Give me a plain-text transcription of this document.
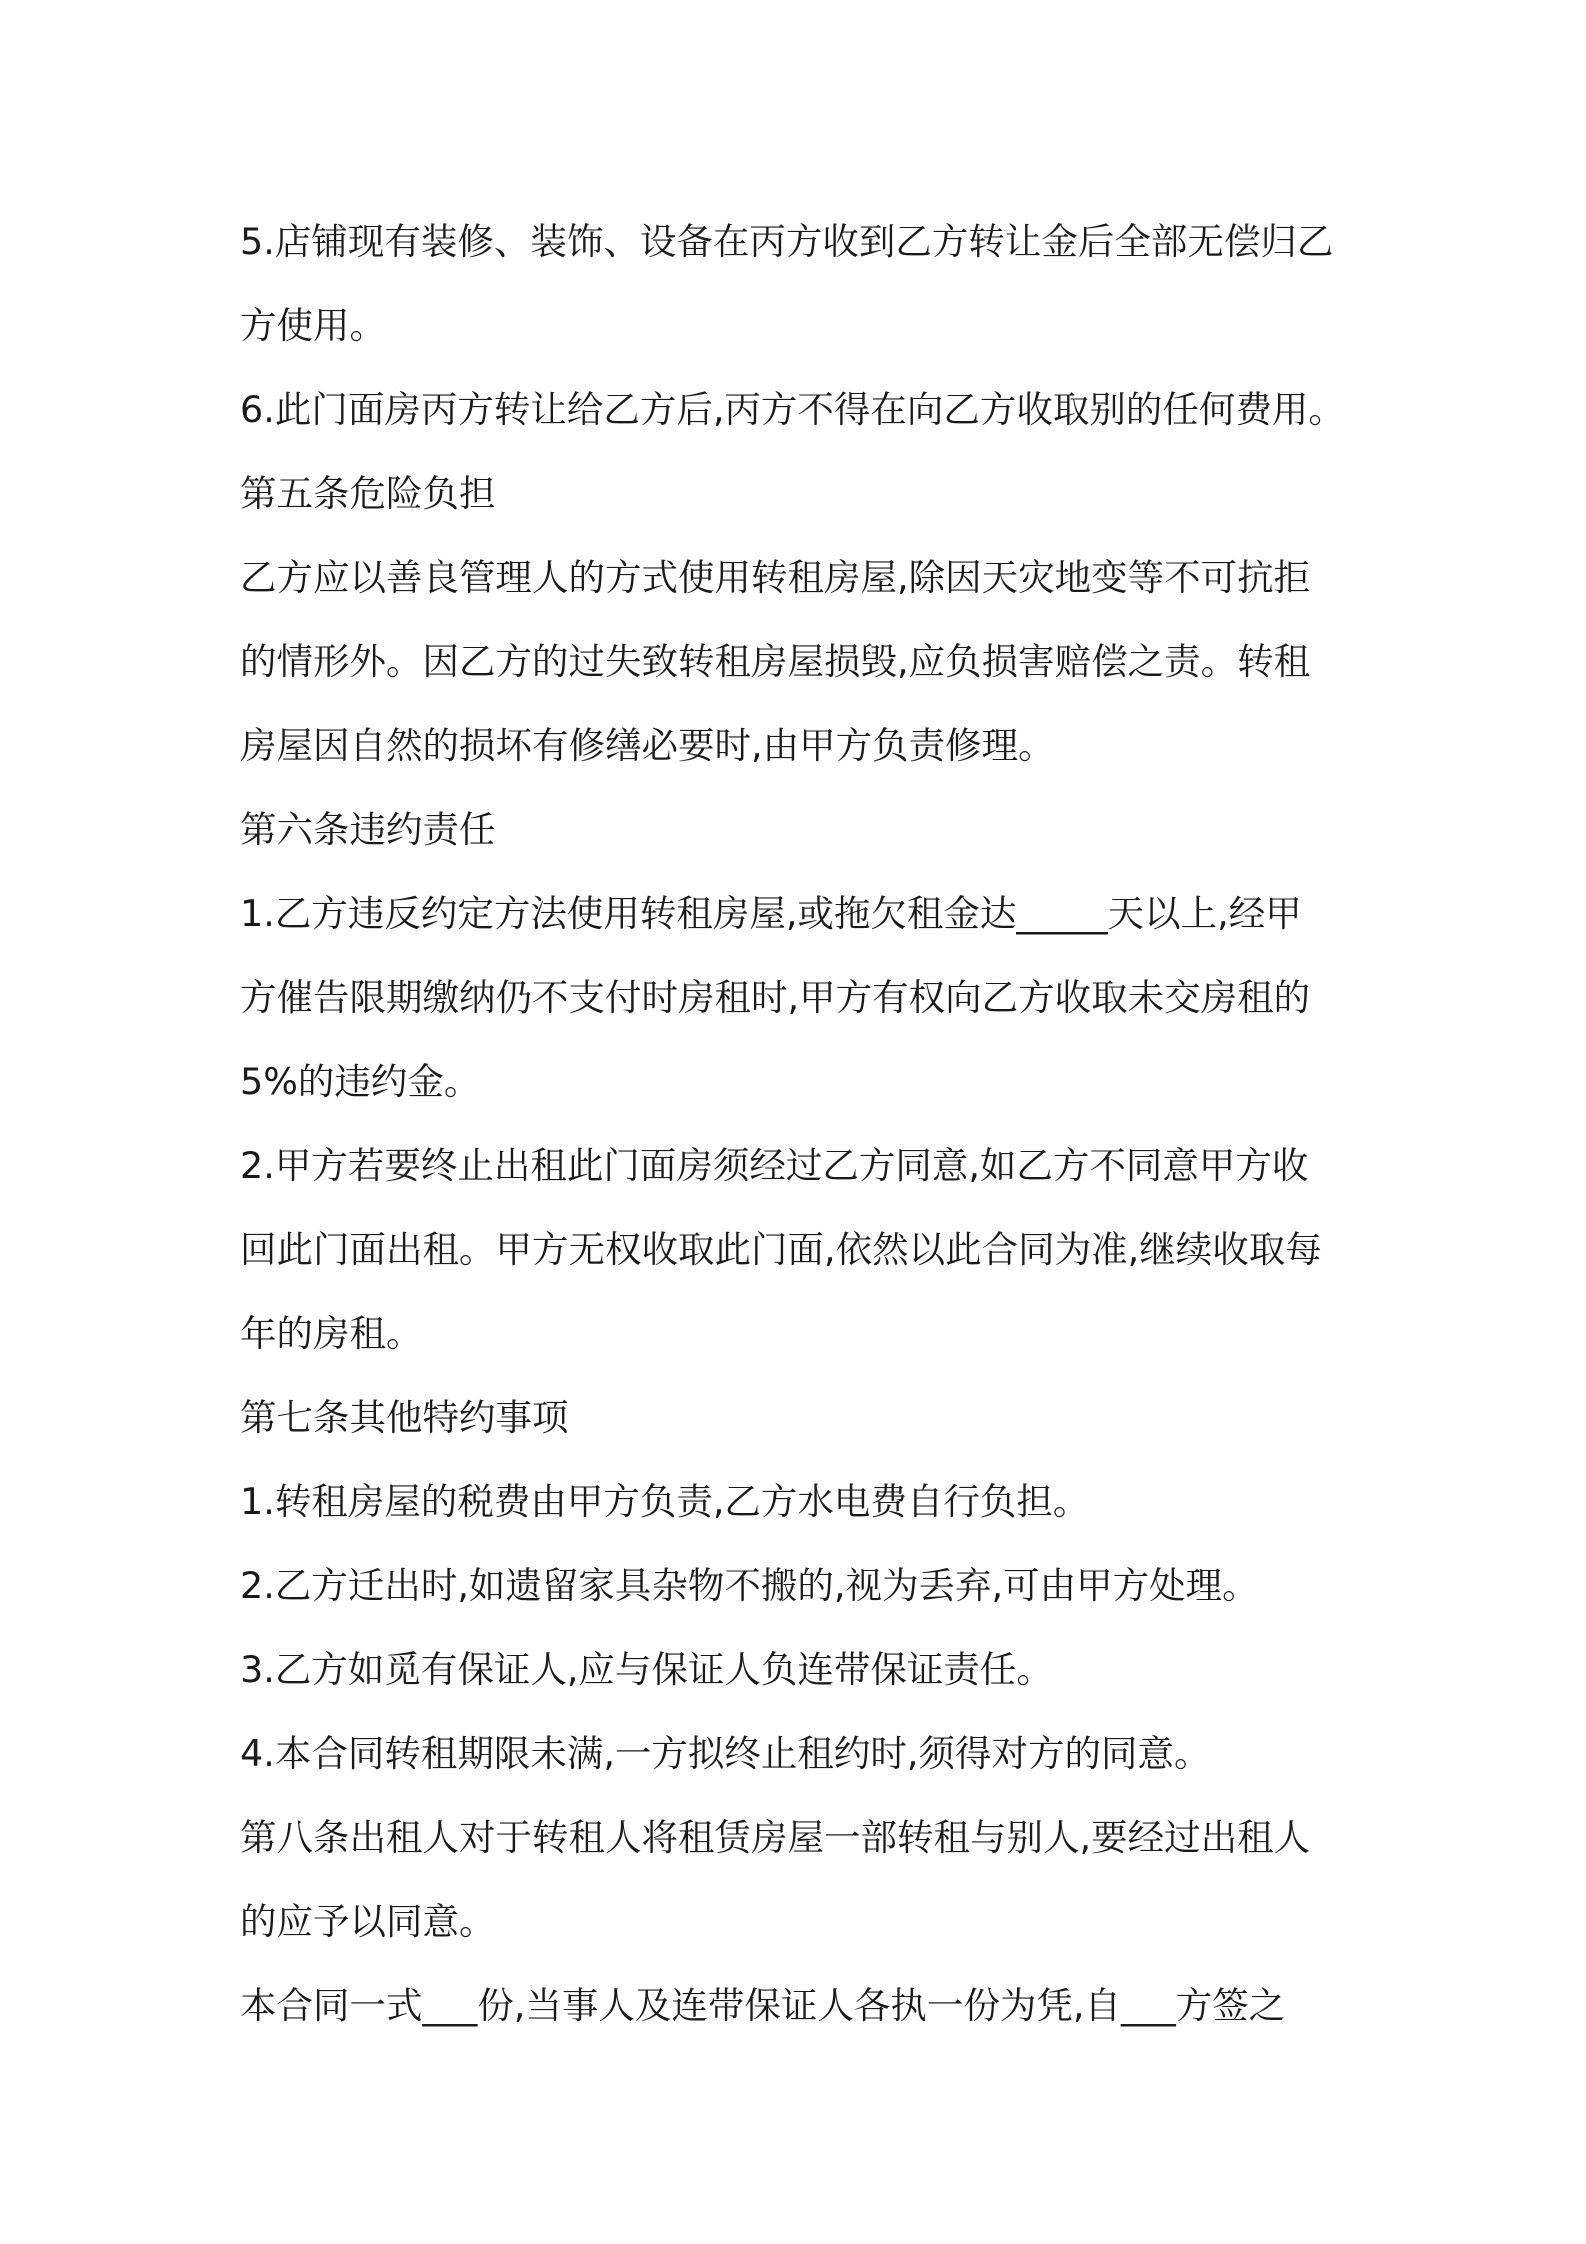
5.店铺现有装修、装饰、设备在丙方收到乙方转让金后全部无偿归乙
方使用。
6.此门面房丙方转让给乙方后,丙方不得在向乙方收取别的任何费用。
第五条危险负担
乙方应以善良管理人的方式使用转租房屋,除因天灾地变等不可抗拒
的情形外。因乙方的过失致转租房屋损毁,应负损害赔偿之责。转租
房屋因自然的损坏有修缮必要时,由甲方负责修理。
第六条违约责任
1.乙方违反约定方法使用转租房屋,或拖欠租金达_____天以上,经甲
方催告限期缴纳仍不支付时房租时,甲方有权向乙方收取未交房租的
5%的违约金。
2.甲方若要终止出租此门面房须经过乙方同意,如乙方不同意甲方收
回此门面出租。甲方无权收取此门面,依然以此合同为准,继续收取每
年的房租。
第七条其他特约事项
1.转租房屋的税费由甲方负责,乙方水电费自行负担。
2.乙方迁出时,如遗留家具杂物不搬的,视为丢弃,可由甲方处理。
3.乙方如觅有保证人,应与保证人负连带保证责任。
4.本合同转租期限未满,一方拟终止租约时,须得对方的同意。
第八条出租人对于转租人将租赁房屋一部转租与别人,要经过出租人
的应予以同意。
本合同一式___份,当事人及连带保证人各执一份为凭,自___方签之
